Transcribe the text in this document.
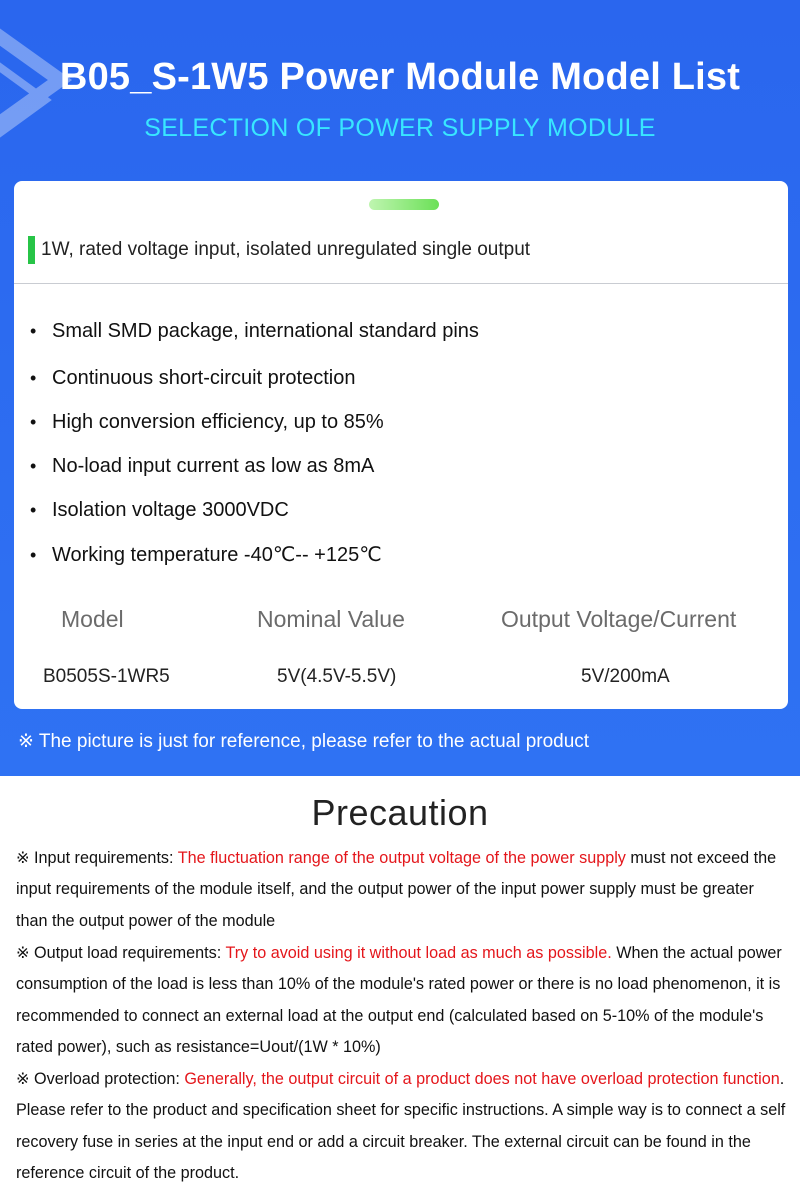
B05_S-1W5 Power Module Model List
SELECTION OF POWER SUPPLY MODULE
1W, rated voltage input, isolated unregulated single output
• Small SMD package, international standard pins
• Continuous short-circuit protection
• High conversion efficiency, up to 85%
• No-load input current as low as 8mA
• Isolation voltage 3000VDC
• Working temperature -40℃-- +125℃
Model	Nominal Value	Output Voltage/Current
B0505S-1WR5	5V(4.5V-5.5V)	5V/200mA
※ The picture is just for reference, please refer to the actual product
Precaution
※ Input requirements: The fluctuation range of the output voltage of the power supply must not exceed the input requirements of the module itself, and the output power of the input power supply must be greater than the output power of the module
※ Output load requirements: Try to avoid using it without load as much as possible. When the actual power consumption of the load is less than 10% of the module's rated power or there is no load phenomenon, it is recommended to connect an external load at the output end (calculated based on 5-10% of the module's rated power), such as resistance=Uout/(1W * 10%)
※ Overload protection: Generally, the output circuit of a product does not have overload protection function. Please refer to the product and specification sheet for specific instructions. A simple way is to connect a self recovery fuse in series at the input end or add a circuit breaker. The external circuit can be found in the reference circuit of the product.
